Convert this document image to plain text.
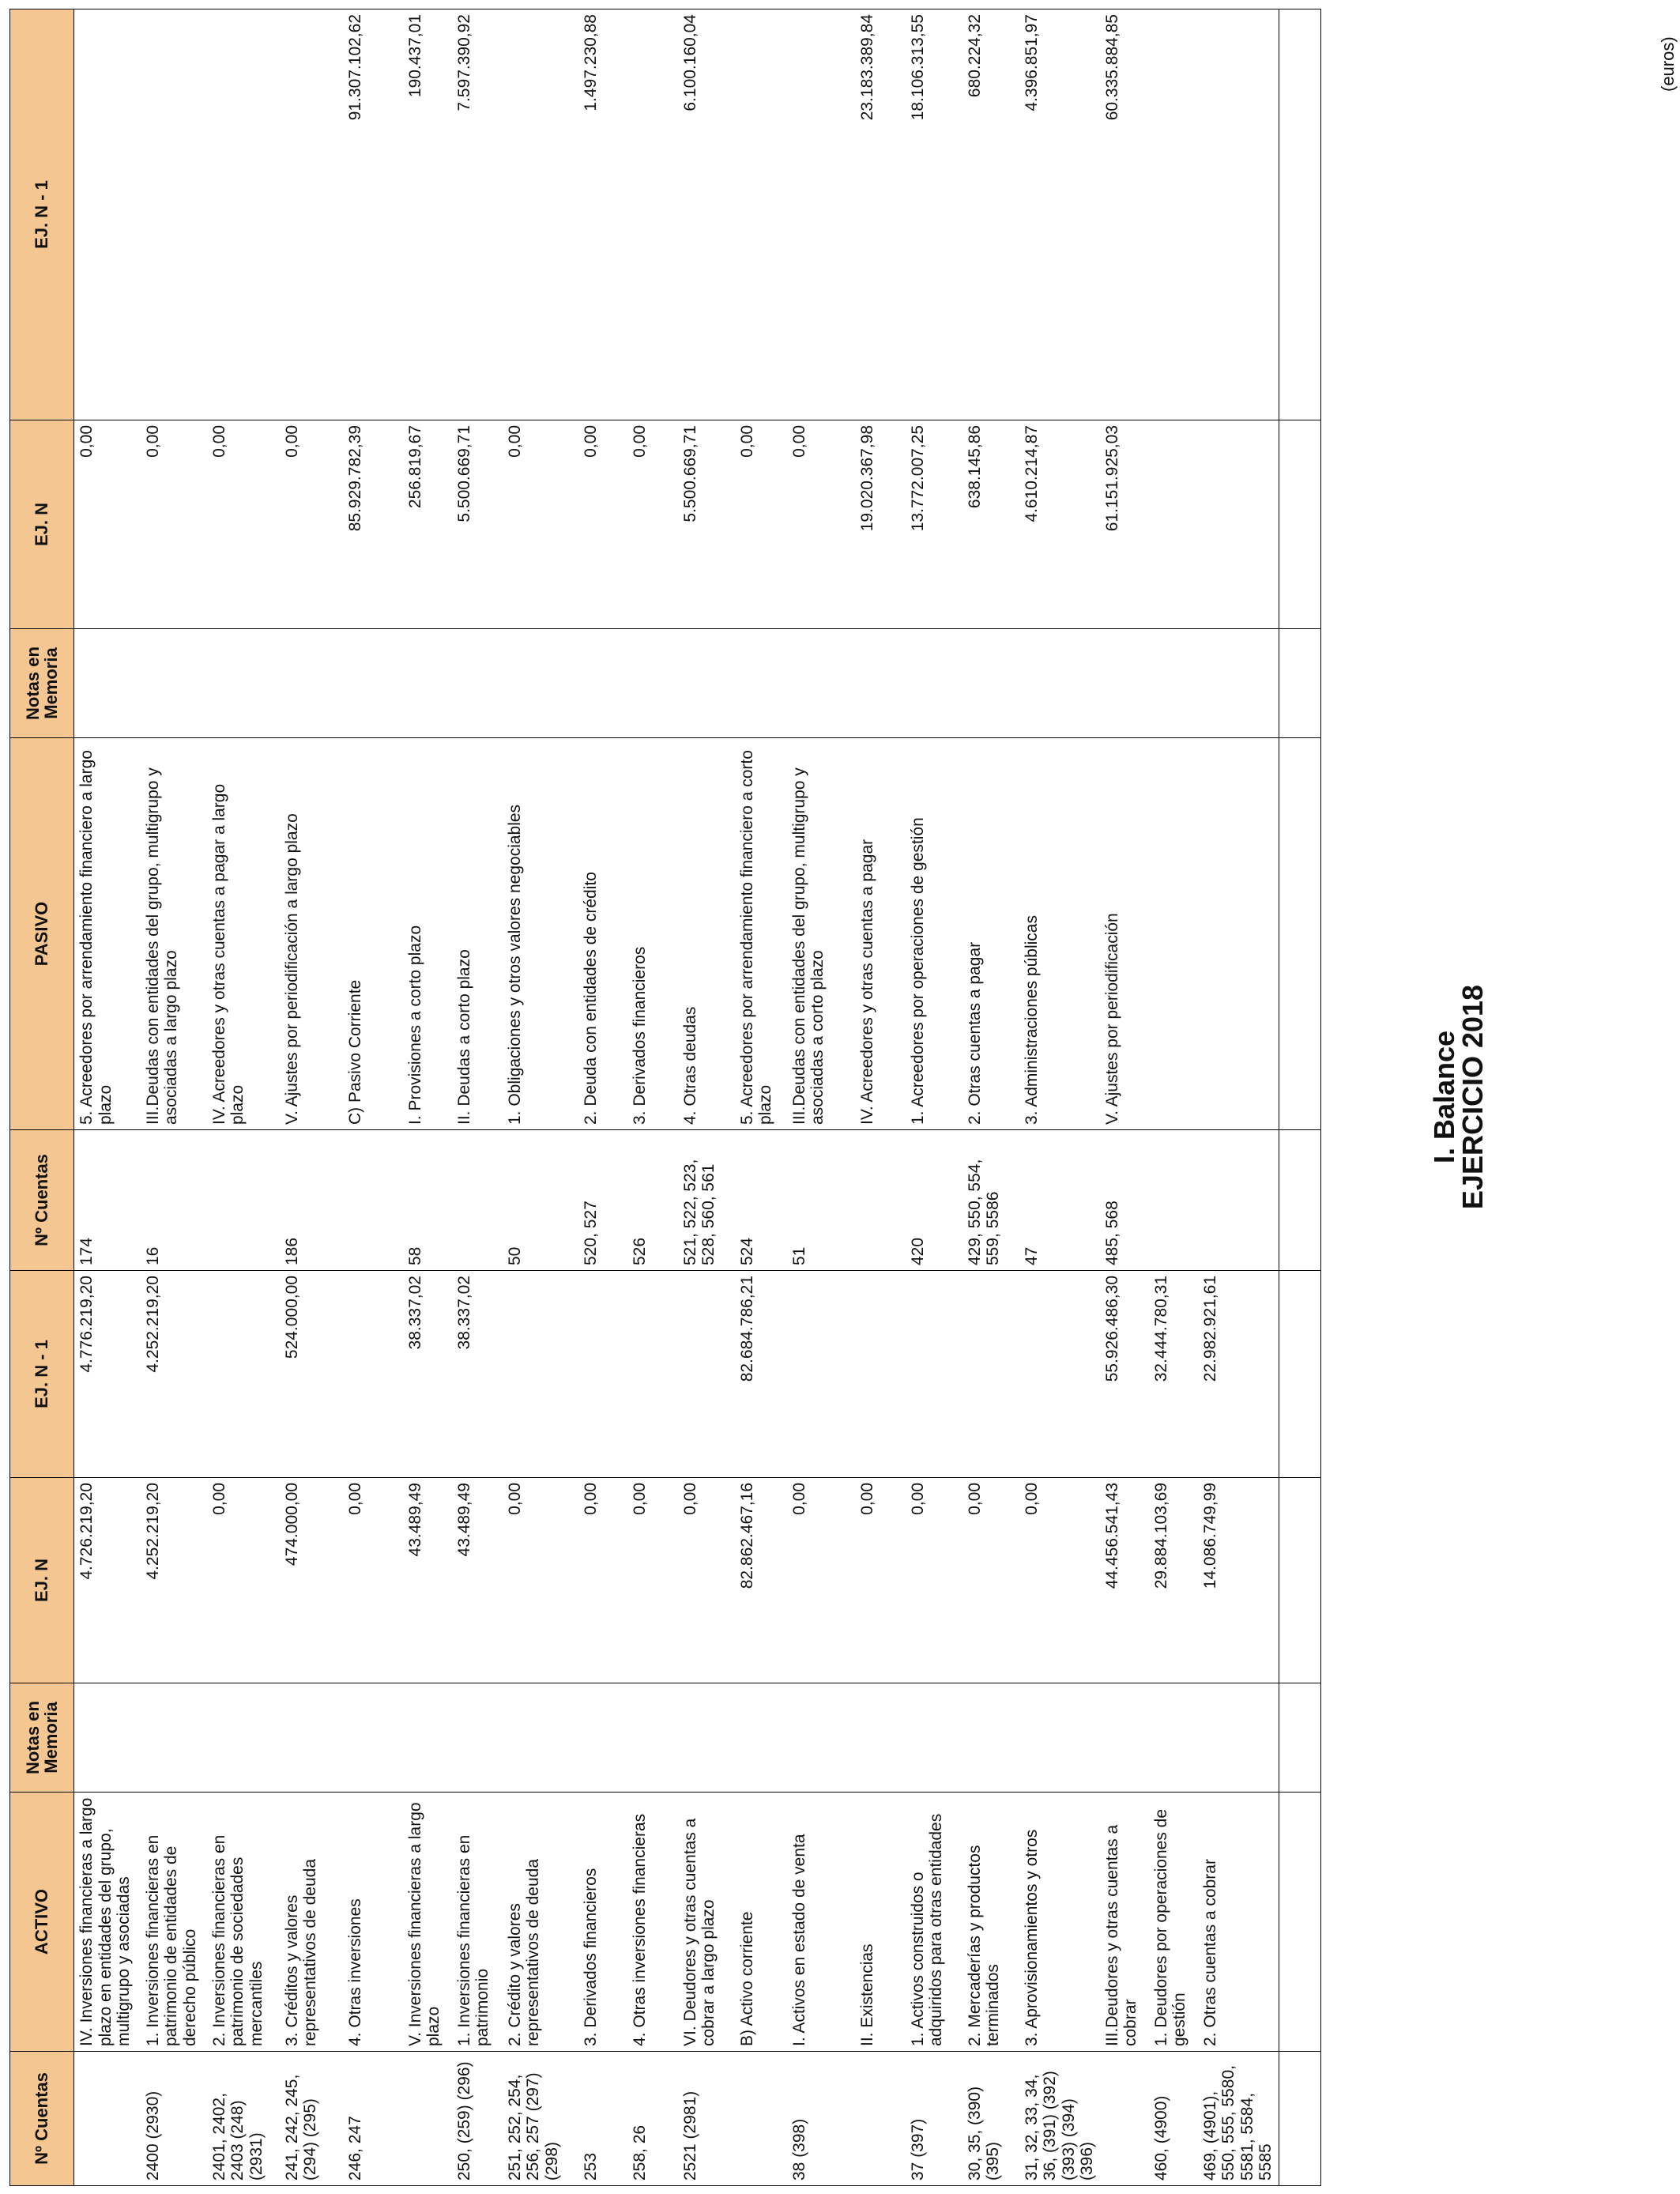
Nº Cuentas	ACTIVO	Notas en Memoria	EJ. N	EJ. N - 1	Nº Cuentas	PASIVO	Notas en Memoria	EJ. N	EJ. N - 1
	IV. Inversiones financieras a largo plazo en entidades del grupo, multigrupo y asociadas		4.726.219,20	4.776.219,20	174	5. Acreedores por arrendamiento financiero a largo plazo		0,00	
2400 (2930)	1. Inversiones financieras en patrimonio de entidades de derecho público		4.252.219,20	4.252.219,20	16	III.Deudas con entidades del grupo, multigrupo y asociadas a largo plazo		0,00	
2401, 2402, 2403 (248) (2931)	2. Inversiones financieras en patrimonio de sociedades mercantiles		0,00			IV. Acreedores y otras cuentas a pagar a largo plazo		0,00	
241, 242, 245, (294) (295)	3. Créditos y valores representativos de deuda		474.000,00	524.000,00	186	V. Ajustes por periodificación a largo plazo		0,00	
246, 247	4. Otras inversiones		0,00			C) Pasivo Corriente		85.929.782,39	91.307.102,62
	V. Inversiones financieras a largo plazo		43.489,49	38.337,02	58	I. Provisiones a corto plazo		256.819,67	190.437,01
250, (259) (296)	1. Inversiones financieras en patrimonio		43.489,49	38.337,02		II. Deudas a corto plazo		5.500.669,71	7.597.390,92
251, 252, 254, 256, 257 (297) (298)	2. Crédito y valores representativos de deuda		0,00		50	1. Obligaciones y otros valores negociables		0,00	
253	3. Derivados financieros		0,00		520, 527	2. Deuda con entidades de crédito		0,00	1.497.230,88
258, 26	4. Otras inversiones financieras		0,00		526	3. Derivados financieros		0,00	
2521 (2981)	VI. Deudores y otras cuentas a cobrar a largo plazo		0,00		521, 522, 523, 528, 560, 561	4. Otras deudas		5.500.669,71	6.100.160,04
	B) Activo corriente		82.862.467,16	82.684.786,21	524	5. Acreedores por arrendamiento financiero a corto plazo		0,00	
38 (398)	I. Activos en estado de venta		0,00		51	III.Deudas con entidades del grupo, multigrupo y asociadas a corto plazo		0,00	
	II. Existencias		0,00			IV. Acreedores y otras cuentas a pagar		19.020.367,98	23.183.389,84
37 (397)	1. Activos construidos o adquiridos para otras entidades		0,00		420	1. Acreedores por operaciones de gestión		13.772.007,25	18.106.313,55
30, 35, (390) (395)	2. Mercaderías y productos terminados		0,00		429, 550, 554, 559, 5586	2. Otras cuentas a pagar		638.145,86	680.224,32
31, 32, 33, 34, 36, (391) (392) (393) (394) (396)	3. Aprovisionamientos y otros		0,00		47	3. Administraciones públicas		4.610.214,87	4.396.851,97
	III.Deudores y otras cuentas a cobrar		44.456.541,43	55.926.486,30	485, 568	V. Ajustes por periodificación		61.151.925,03	60.335.884,85
460, (4900)	1. Deudores por operaciones de gestión		29.884.103,69	32.444.780,31					
469, (4901), 550, 555, 5580, 5581, 5584, 5585	2. Otras cuentas a cobrar		14.086.749,99	22.982.921,61					

I. Balance
EJERCICIO 2018
(euros)
